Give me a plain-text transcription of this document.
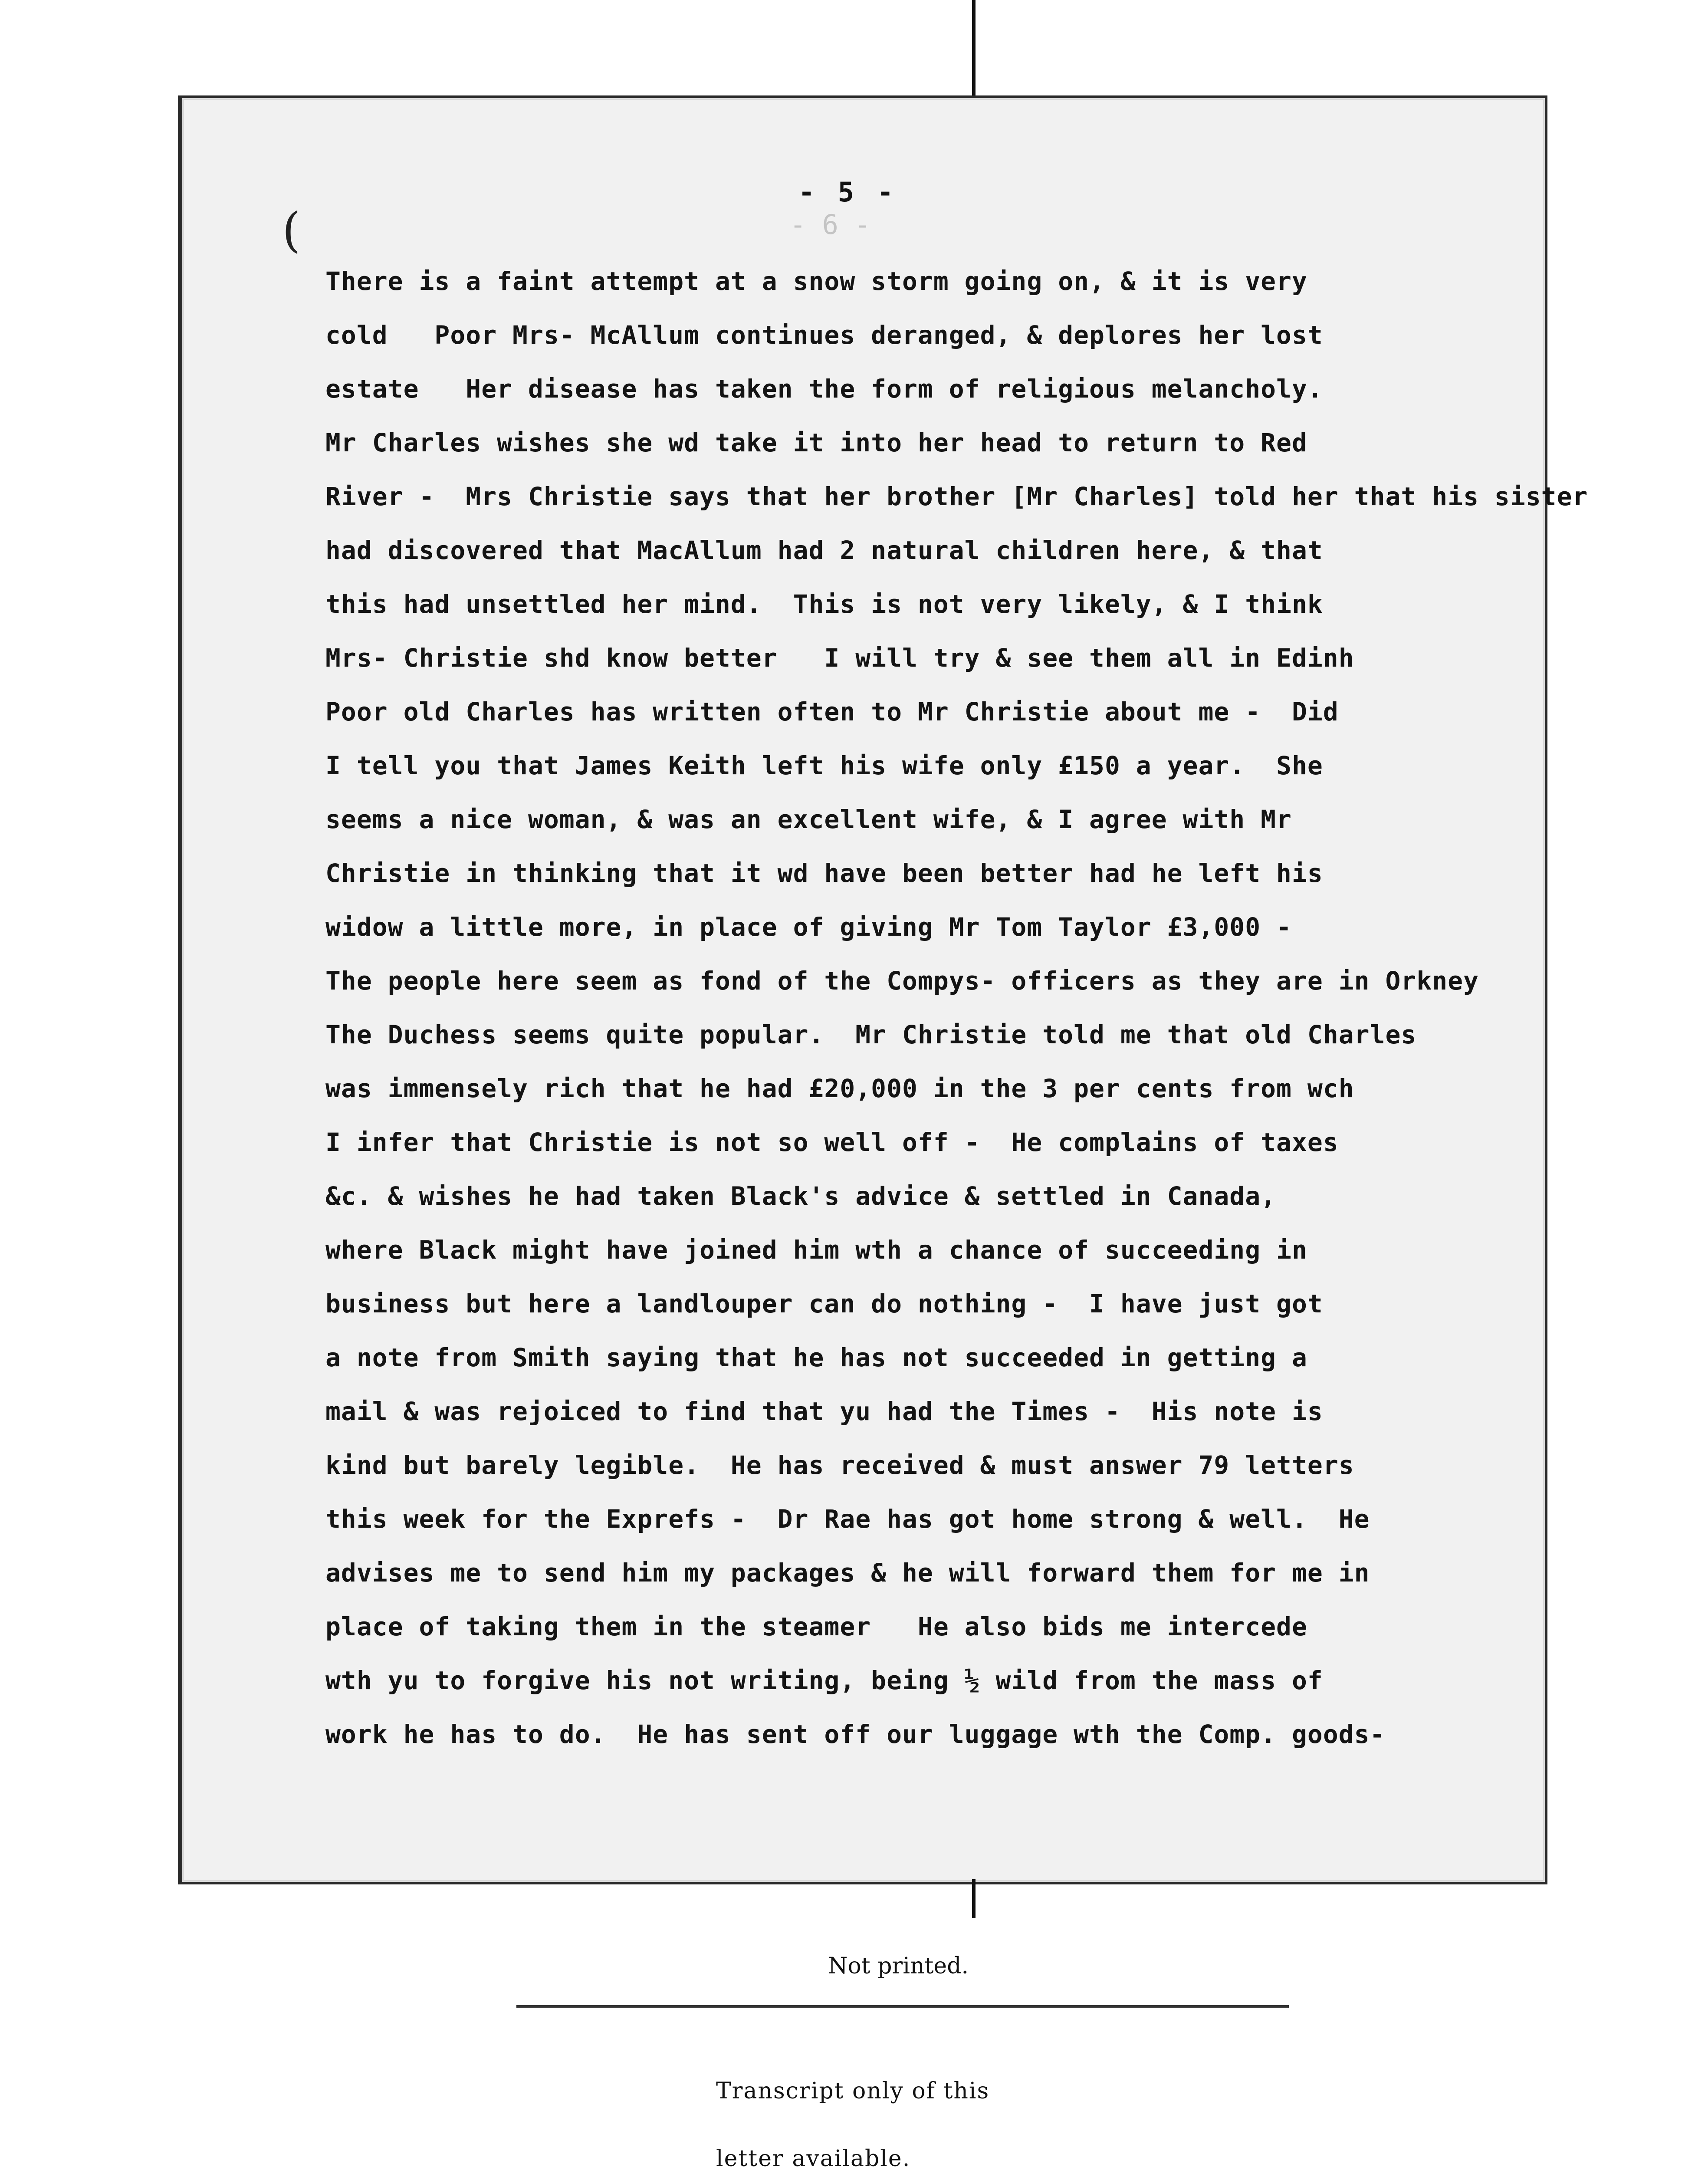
- 6 -
- 5 -
(
There is a faint attempt at a snow storm going on, & it is very
cold   Poor Mrs- McAllum continues deranged, & deplores her lost
estate   Her disease has taken the form of religious melancholy.
Mr Charles wishes she wd take it into her head to return to Red
River -  Mrs Christie says that her brother [Mr Charles] told her that his sister
had discovered that MacAllum had 2 natural children here, & that
this had unsettled her mind.  This is not very likely, & I think
Mrs- Christie shd know better   I will try & see them all in Edinh
Poor old Charles has written often to Mr Christie about me -  Did
I tell you that James Keith left his wife only £150 a year.  She
seems a nice woman, & was an excellent wife, & I agree with Mr
Christie in thinking that it wd have been better had he left his
widow a little more, in place of giving Mr Tom Taylor £3,000 -
The people here seem as fond of the Compys- officers as they are in Orkney
The Duchess seems quite popular.  Mr Christie told me that old Charles
was immensely rich that he had £20,000 in the 3 per cents from wch
I infer that Christie is not so well off -  He complains of taxes
&c. & wishes he had taken Black's advice & settled in Canada,
where Black might have joined him wth a chance of succeeding in
business but here a landlouper can do nothing -  I have just got
a note from Smith saying that he has not succeeded in getting a
mail & was rejoiced to find that yu had the Times -  His note is
kind but barely legible.  He has received & must answer 79 letters
this week for the Exprefs -  Dr Rae has got home strong & well.  He
advises me to send him my packages & he will forward them for me in
place of taking them in the steamer   He also bids me intercede
wth yu to forgive his not writing, being ½ wild from the mass of
work he has to do.  He has sent off our luggage wth the Comp. goods-
Not printed.
Transcript only of this
letter available.
